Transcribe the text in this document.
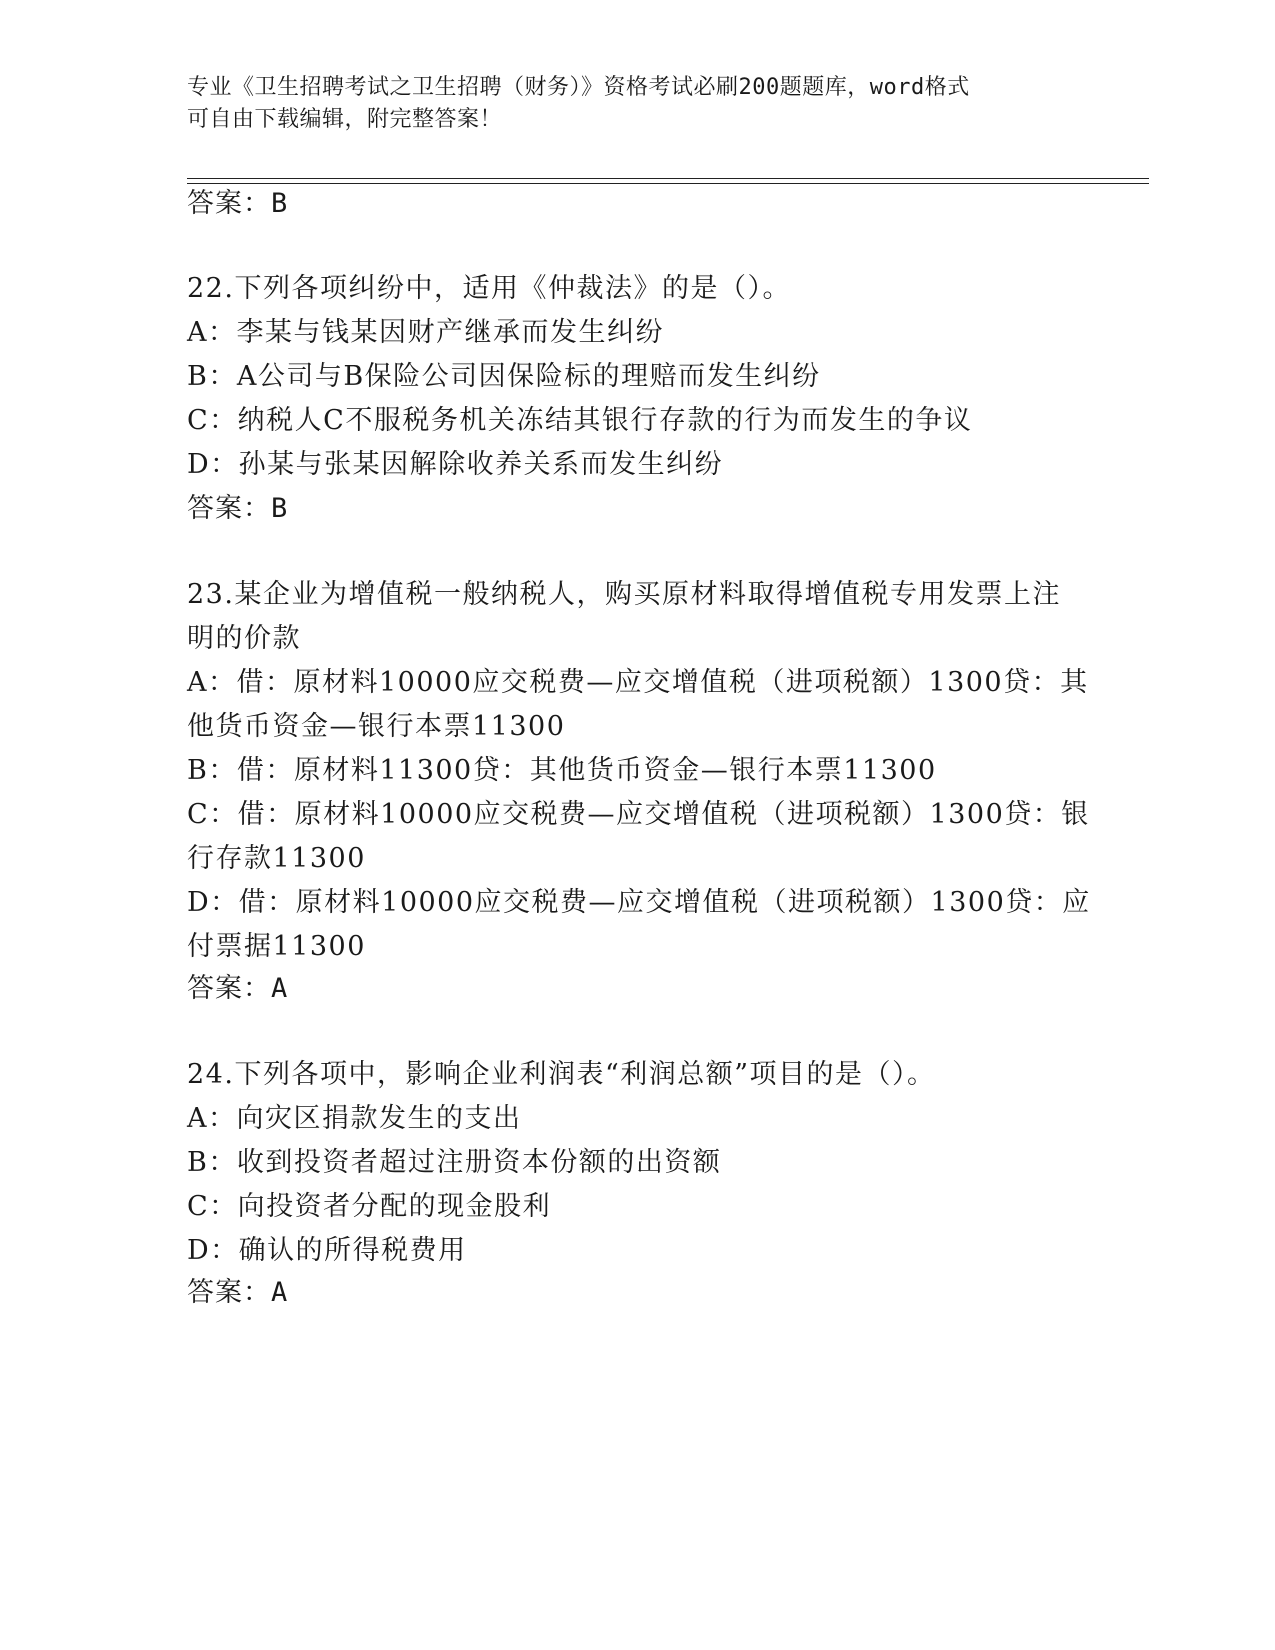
专业《卫生招聘考试之卫生招聘（财务）》资格考试必刷200题题库，word格式
可自由下载编辑，附完整答案！
答案：B
22.下列各项纠纷中，适用《仲裁法》的是（）。
A：李某与钱某因财产继承而发生纠纷
B：A公司与B保险公司因保险标的理赔而发生纠纷
C：纳税人C不服税务机关冻结其银行存款的行为而发生的争议
D：孙某与张某因解除收养关系而发生纠纷
答案：B
23.某企业为增值税一般纳税人，购买原材料取得增值税专用发票上注
明的价款
A：借：原材料10000应交税费—应交增值税（进项税额）1300贷：其
他货币资金—银行本票11300
B：借：原材料11300贷：其他货币资金—银行本票11300
C：借：原材料10000应交税费—应交增值税（进项税额）1300贷：银
行存款11300
D：借：原材料10000应交税费—应交增值税（进项税额）1300贷：应
付票据11300
答案：A
24.下列各项中，影响企业利润表“利润总额”项目的是（）。
A：向灾区捐款发生的支出
B：收到投资者超过注册资本份额的出资额
C：向投资者分配的现金股利
D：确认的所得税费用
答案：A
